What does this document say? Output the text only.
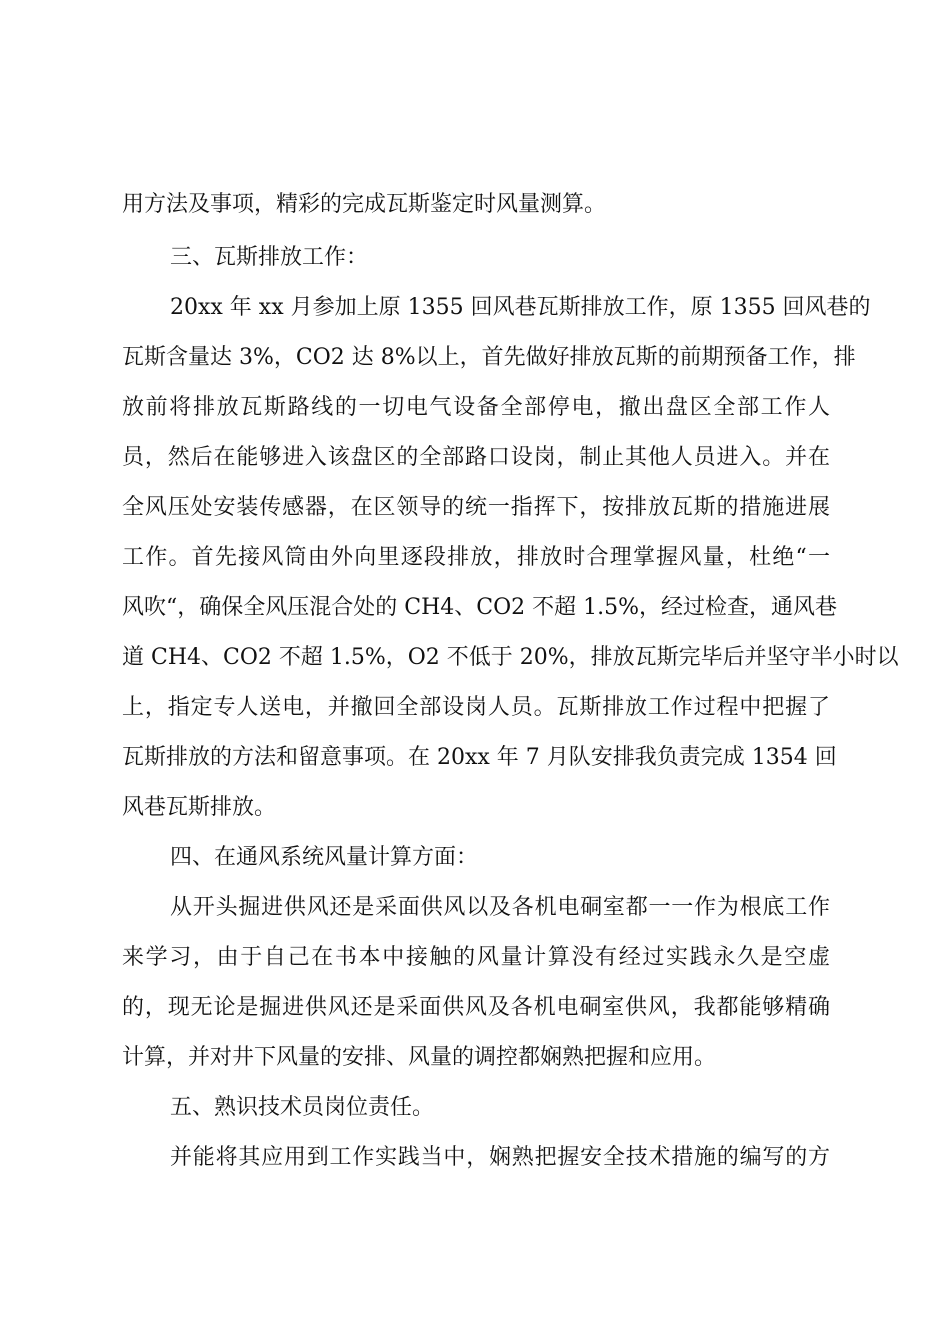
用方法及事项，精彩的完成瓦斯鉴定时风量测算。
三、瓦斯排放工作：
20xx 年 xx 月参加上原 1355 回风巷瓦斯排放工作，原 1355 回风巷的
瓦斯含量达 3%，CO2 达 8%以上，首先做好排放瓦斯的前期预备工作，排
放前将排放瓦斯路线的一切电气设备全部停电，撤出盘区全部工作人
员，然后在能够进入该盘区的全部路口设岗，制止其他人员进入。并在
全风压处安装传感器，在区领导的统一指挥下，按排放瓦斯的措施进展
工作。首先接风筒由外向里逐段排放，排放时合理掌握风量，杜绝“一
风吹“，确保全风压混合处的 CH4、CO2 不超 1.5%，经过检查，通风巷
道 CH4、CO2 不超 1.5%，O2 不低于 20%，排放瓦斯完毕后并坚守半小时以
上，指定专人送电，并撤回全部设岗人员。瓦斯排放工作过程中把握了
瓦斯排放的方法和留意事项。在 20xx 年 7 月队安排我负责完成 1354 回
风巷瓦斯排放。
四、在通风系统风量计算方面：
从开头掘进供风还是采面供风以及各机电硐室都一一作为根底工作
来学习，由于自己在书本中接触的风量计算没有经过实践永久是空虚
的，现无论是掘进供风还是采面供风及各机电硐室供风，我都能够精确
计算，并对井下风量的安排、风量的调控都娴熟把握和应用。
五、熟识技术员岗位责任。
并能将其应用到工作实践当中，娴熟把握安全技术措施的编写的方
